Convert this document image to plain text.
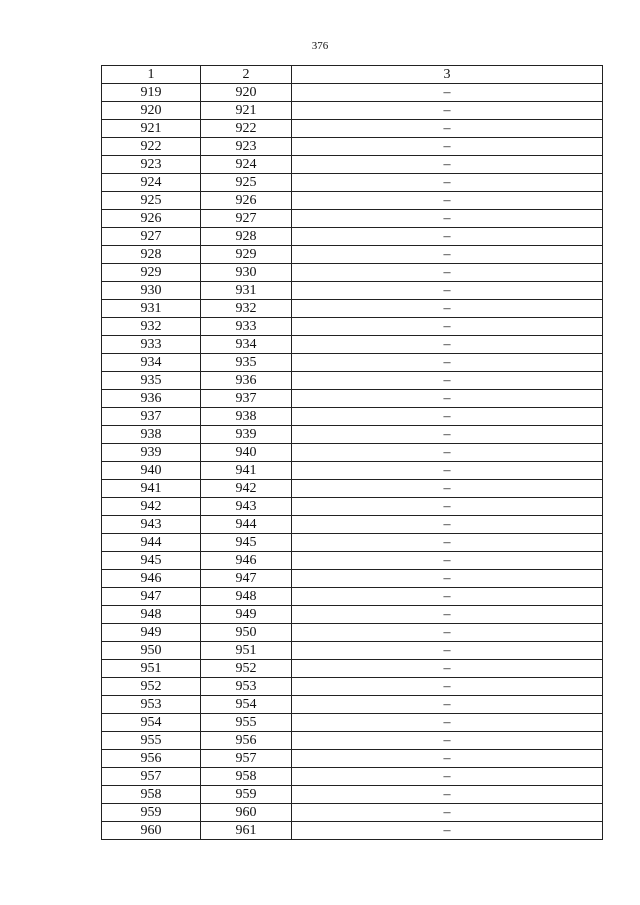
376
1	2	3
919	920	–
920	921	–
921	922	–
922	923	–
923	924	–
924	925	–
925	926	–
926	927	–
927	928	–
928	929	–
929	930	–
930	931	–
931	932	–
932	933	–
933	934	–
934	935	–
935	936	–
936	937	–
937	938	–
938	939	–
939	940	–
940	941	–
941	942	–
942	943	–
943	944	–
944	945	–
945	946	–
946	947	–
947	948	–
948	949	–
949	950	–
950	951	–
951	952	–
952	953	–
953	954	–
954	955	–
955	956	–
956	957	–
957	958	–
958	959	–
959	960	–
960	961	–
